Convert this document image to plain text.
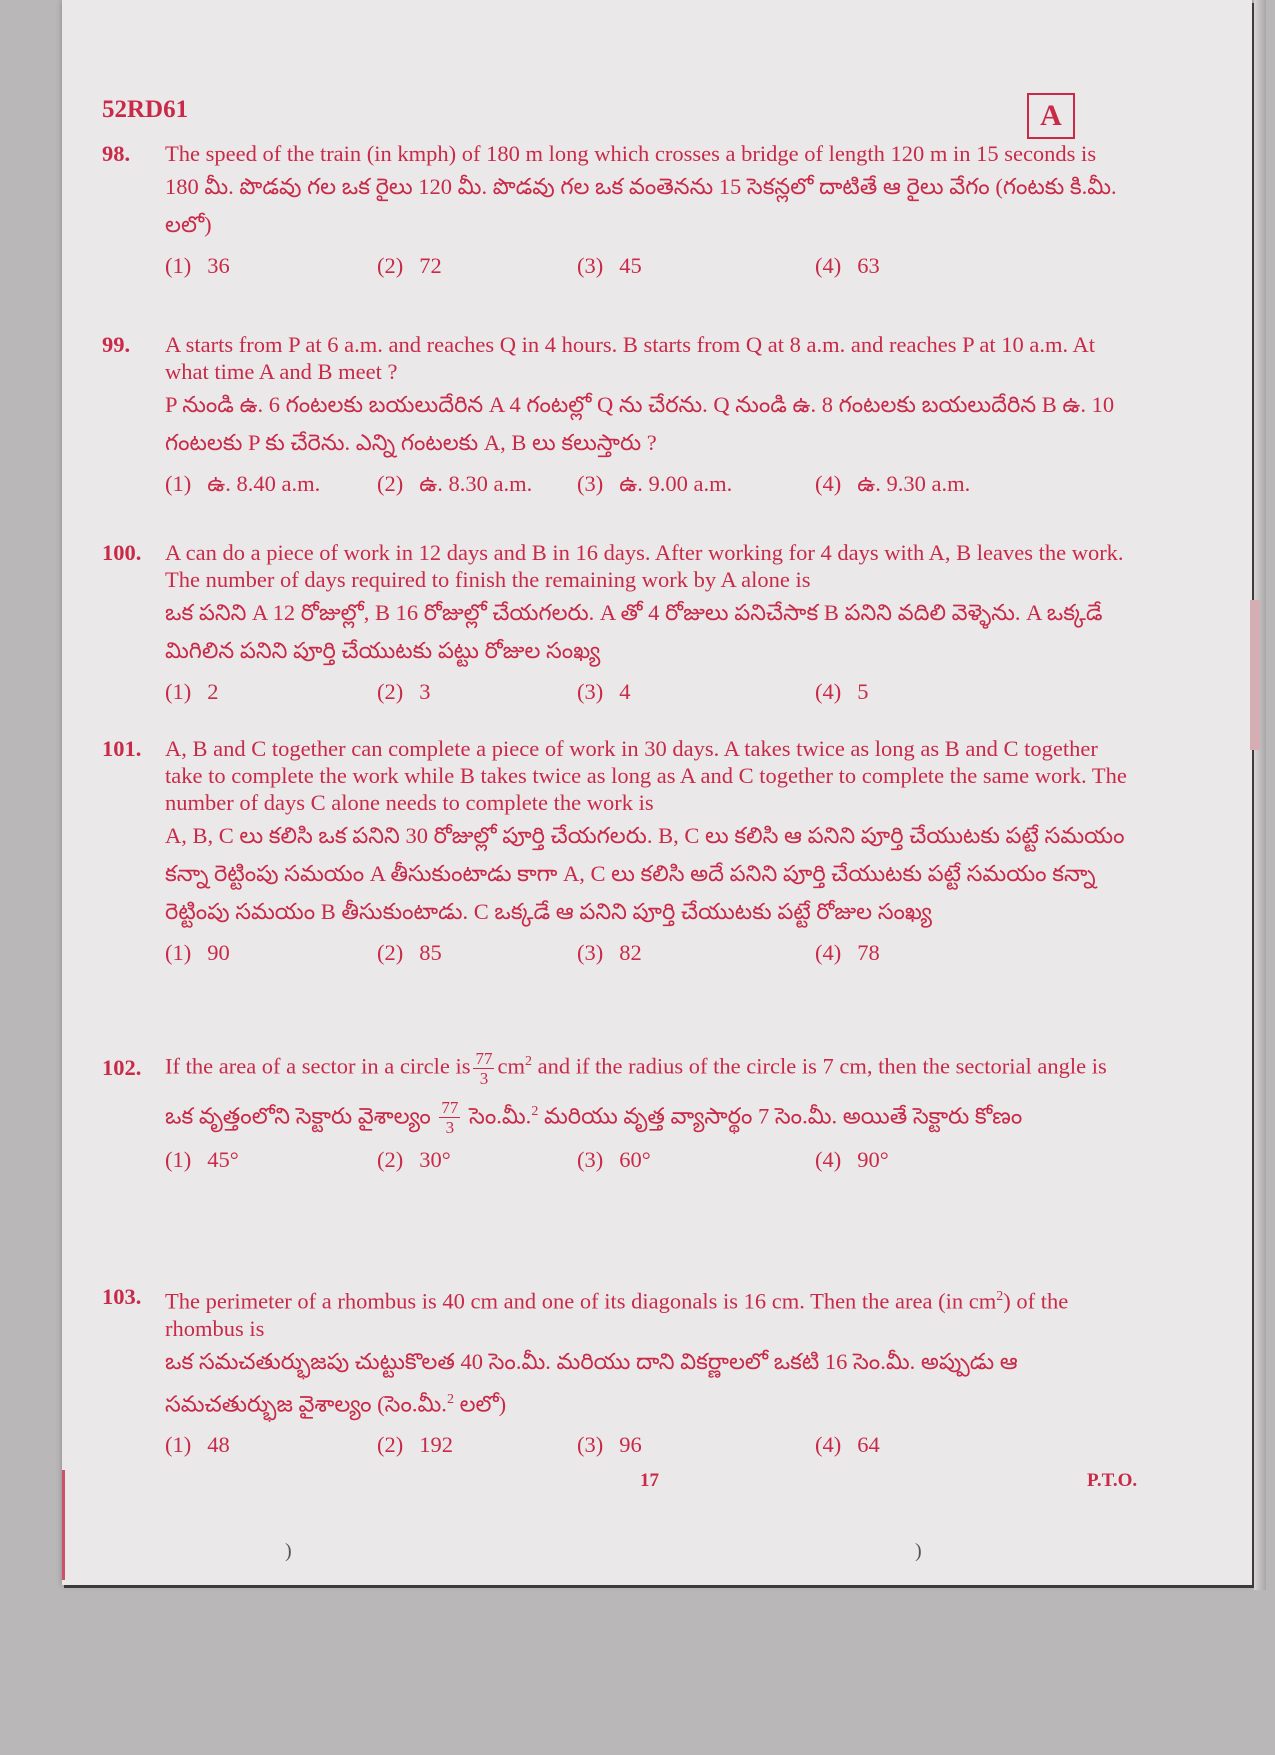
52RD61	A
98. The speed of the train (in kmph) of 180 m long which crosses a bridge of length 120 m in 15 seconds is
180 మీ. పొడవు గల ఒక రైలు 120 మీ. పొడవు గల ఒక వంతెనను 15 సెకన్లలో దాటితే ఆ రైలు వేగం (గంటకు కి.మీ. లలో)
(1) 36	(2) 72	(3) 45	(4) 63
99. A starts from P at 6 a.m. and reaches Q in 4 hours. B starts from Q at 8 a.m. and reaches P at 10 a.m. At what time A and B meet ?
P నుండి ఉ. 6 గంటలకు బయలుదేరిన A 4 గంటల్లో Q ను చేరను. Q నుండి ఉ. 8 గంటలకు బయలుదేరిన B ఉ. 10 గంటలకు P కు చేరెను. ఎన్ని గంటలకు A, B లు కలుస్తారు ?
(1) ఉ. 8.40 a.m.	(2) ఉ. 8.30 a.m. (3) ఉ. 9.00 a.m.	(4) ఉ. 9.30 a.m.
100. A can do a piece of work in 12 days and B in 16 days. After working for 4 days with A, B leaves the work. The number of days required to finish the remaining work by A alone is
ఒక పనిని A 12 రోజుల్లో, B 16 రోజుల్లో చేయగలరు. A తో 4 రోజులు పనిచేసాక B పనిని వదిలి వెళ్ళెను. A ఒక్కడే మిగిలిన పనిని పూర్తి చేయుటకు పట్టు రోజుల సంఖ్య
(1) 2	(2) 3	(3) 4	(4) 5
101. A, B and C together can complete a piece of work in 30 days. A takes twice as long as B and C together take to complete the work while B takes twice as long as A and C together to complete the same work. The number of days C alone needs to complete the work is
A, B, C లు కలిసి ఒక పనిని 30 రోజుల్లో పూర్తి చేయగలరు. B, C లు కలిసి ఆ పనిని పూర్తి చేయుటకు పట్టే సమయం కన్నా రెట్టింపు సమయం A తీసుకుంటాడు కాగా A, C లు కలిసి అదే పనిని పూర్తి చేయుటకు పట్టే సమయం కన్నా రెట్టింపు సమయం B తీసుకుంటాడు. C ఒక్కడే ఆ పనిని పూర్తి చేయుటకు పట్టే రోజుల సంఖ్య
(1) 90	(2) 85	(3) 82	(4) 78
102. If the area of a sector in a circle is $\frac{77}{3} cm^2$ and if the radius of the circle is 7 cm, then the sectorial angle is
ఒక వృత్తంలోని సెక్టారు వైశాల్యం $\frac{77}{3}$ సెం.మీ.$^2$ మరియు వృత్త వ్యాసార్థం 7 సెం.మీ. అయితే సెక్టారు కోణం
(1) 45°	(2) 30°	(3) 60°	(4) 90°
103. The perimeter of a rhombus is 40 cm and one of its diagonals is 16 cm. Then the area (in $cm^2$) of the rhombus is
ఒక సమచతుర్భుజపు చుట్టుకొలత 40 సెం.మీ. మరియు దాని వికర్ణాలలో ఒకటి 16 సెం.మీ. అప్పుడు ఆ సమచతుర్భుజ వైశాల్యం (సెం.మీ.$^2$ లలో)
(1) 48	(2) 192	(3) 96	(4) 64
17	P.T.O.
)	)
